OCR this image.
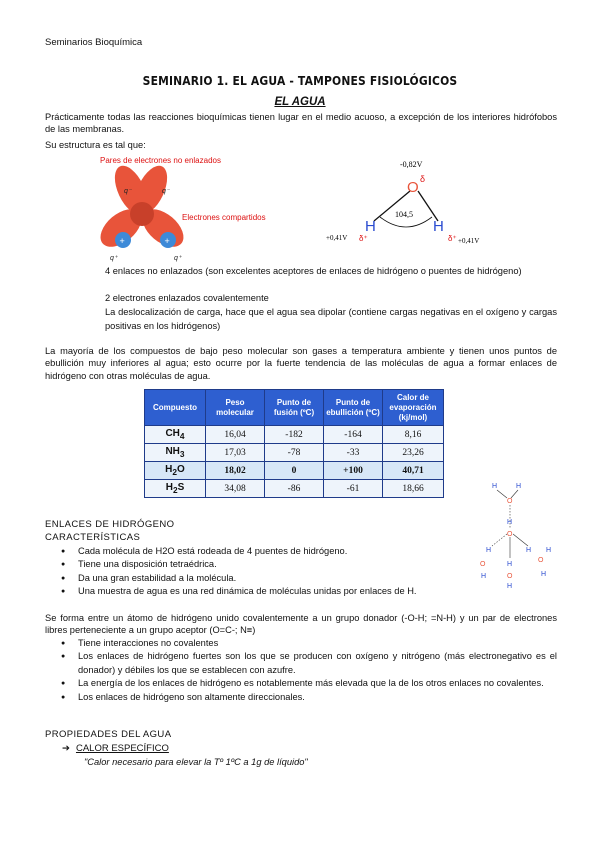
Seminarios Bioquímica
SEMINARIO 1. EL AGUA - TAMPONES FISIOLÓGICOS
EL AGUA
Prácticamente todas las reacciones bioquímicas tienen lugar en el medio acuoso, a excepción de los interiores hidrófobos de las membranas.
Su estructura es tal que:
+	+
Pares de electrones no enlazados
Electrones compartidos
q⁻	q⁻
q⁺	q⁺
-0,82V
O δ
H	H
104,5
+0,41V	+0,41V
δ⁺	δ⁺
4 enlaces no enlazados (son excelentes aceptores de enlaces de hidrógeno o puentes de hidrógeno)
2 electrones enlazados covalentemente
La deslocalización de carga, hace que el agua sea dipolar (contiene cargas negativas en el oxígeno y cargas positivas en los hidrógenos)
La mayoría de los compuestos de bajo peso molecular son gases a temperatura ambiente y tienen unos puntos de ebullición muy inferiores al agua; esto ocurre por la fuerte tendencia de las moléculas de agua a formar enlaces de hidrógeno con otras moléculas de agua.
Compuesto	Peso molecular	Punto de fusión (ºC)	Punto de ebullición (ºC)	Calor de evaporación (kj/mol)
$CH_4$	16,04	-182	-164	8,16
$NH_3$	17,03	-78	-33	23,26
$H_2O$	18,02	0	+100	40,71
$H_2S$	34,08	-86	-61	18,66	H	H
O
H
O
H
O
H
H
O
H
H
H
O
H
ENLACES DE HIDRÓGENO
CARACTERÍSTICAS
● Cada molécula de H2O está rodeada de 4 puentes de hidrógeno.
● Tiene una disposición tetraédrica.
● Da una gran estabilidad a la molécula.
● Una muestra de agua es una red dinámica de moléculas unidas por enlaces de H.
Se forma entre un átomo de hidrógeno unido covalentemente a un grupo donador (-O-H; =N-H) y un par de electrones libres perteneciente a un grupo aceptor (O=C-; N≡)
● Tiene interacciones no covalentes
● Los enlaces de hidrógeno fuertes son los que se producen con oxígeno y nitrógeno (más electronegativo es el donador) y débiles los que se establecen con azufre.
● La energía de los enlaces de hidrógeno es notablemente más elevada que la de los otros enlaces no covalentes.
● Los enlaces de hidrógeno son altamente direccionales.
PROPIEDADES DEL AGUA
➔ CALOR ESPECÍFICO
"Calor necesario para elevar la Tº 1ºC a 1g de líquido"
